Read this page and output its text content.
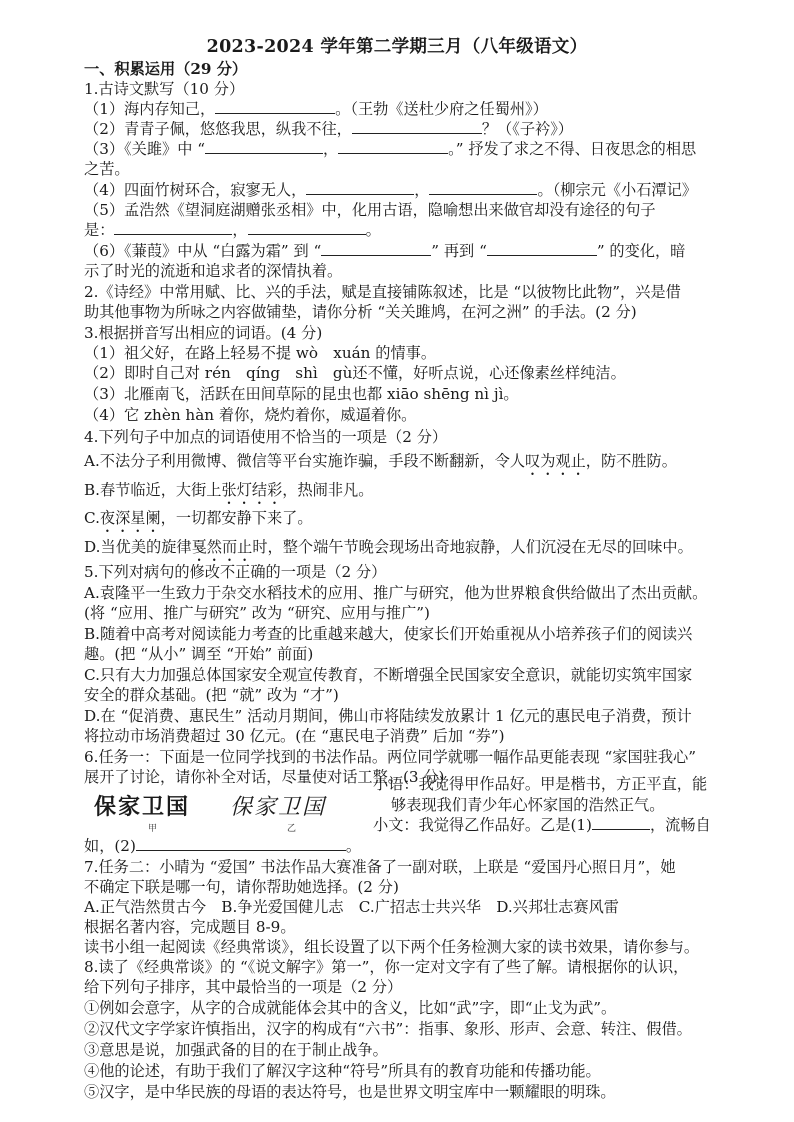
2023-2024 学年第二学期三月（八年级语文）
一、积累运用（29 分）
1.古诗文默写（10 分）
（1）海内存知己，	。（王勃《送杜少府之任蜀州》）
（2）青青子佩，悠悠我思，纵我不往，	？（《子衿》）
（3）《关雎》中 “	，	。” 抒发了求之不得、日夜思念的相思
之苦。
（4）四面竹树环合，寂寥无人，	，	。（柳宗元《小石潭记》
（5）孟浩然《望洞庭湖赠张丞相》中，化用古语，隐喻想出来做官却没有途径的句子
是：	，	。
（6）《蒹葭》中从 “白露为霜” 到 “	” 再到 “	” 的变化，暗
示了时光的流逝和追求者的深情执着。
2.《诗经》中常用赋、比、兴的手法，赋是直接铺陈叙述，比是 “以彼物比此物”，兴是借
助其他事物为所咏之内容做铺垫，请你分析 “关关雎鸠，在河之洲” 的手法。(2 分)
3.根据拼音写出相应的词语。(4 分)
（1）祖父好，在路上轻易不提 wò　xuán 的情事。
（2）即时自己对 rén　qíng　shì　gù还不懂，好听点说，心还像素丝样纯洁。
（3）北雁南飞，活跃在田间草际的昆虫也都 xiāo shēng nì jì。
（4）它 zhèn hàn 着你，烧灼着你，威逼着你。
4.下列句子中加点的词语使用不恰当的一项是（2 分）
A.不法分子利用微博、微信等平台实施诈骗，手段不断翻新，令人叹为观止，防不胜防。
B.春节临近，大街上张灯结彩，热闹非凡。
C.夜深星阑，一切都安静下来了。
D.当优美的旋律戛然而止时，整个端午节晚会现场出奇地寂静，人们沉浸在无尽的回味中。
5.下列对病句的修改不正确的一项是（2 分）
A.袁隆平一生致力于杂交水稻技术的应用、推广与研究，他为世界粮食供给做出了杰出贡献。
(将 “应用、推广与研究” 改为 “研究、应用与推广”)
B.随着中高考对阅读能力考查的比重越来越大，使家长们开始重视从小培养孩子们的阅读兴
趣。(把 “从小” 调至 “开始” 前面)
C.只有大力加强总体国家安全观宣传教育，不断增强全民国家安全意识，就能切实筑牢国家
安全的群众基础。(把 “就” 改为 “才”)
D.在 “促消费、惠民生” 活动月期间，佛山市将陆续发放累计 1 亿元的惠民电子消费，预计
将拉动市场消费超过 30 亿元。(在 “惠民电子消费” 后加 “券”)
6.任务一：下面是一位同学找到的书法作品。两位同学就哪一幅作品更能表现 “家国驻我心”
展开了讨论，请你补全对话，尽量使对话工整。(3 分)
保家卫国 保家卫国
甲	乙
小语：我觉得甲作品好。甲是楷书，方正平直，能
够表现我们青少年心怀家国的浩然正气。
小文：我觉得乙作品好。乙是(1)	，流畅自
如，(2)	。
7.任务二：小晴为 “爱国” 书法作品大赛准备了一副对联，上联是 “爱国丹心照日月”，她
不确定下联是哪一句，请你帮助她选择。(2 分)
A.正气浩然贯古今　B.争光爱国健儿志　C.广招志士共兴华　D.兴邦壮志赛风雷
根据名著内容，完成题目 8-9。
读书小组一起阅读《经典常谈》，组长设置了以下两个任务检测大家的读书效果，请你参与。
8.读了《经典常谈》的 “《说文解字》第一”，你一定对文字有了些了解。请根据你的认识，
给下列句子排序，其中最恰当的一项是（2 分）
①例如会意字，从字的合成就能体会其中的含义，比如“武”字，即“止戈为武”。
②汉代文字学家许慎指出，汉字的构成有“六书”：指事、象形、形声、会意、转注、假借。
③意思是说，加强武备的目的在于制止战争。
④他的论述，有助于我们了解汉字这种“符号”所具有的教育功能和传播功能。
⑤汉字，是中华民族的母语的表达符号，也是世界文明宝库中一颗耀眼的明珠。
